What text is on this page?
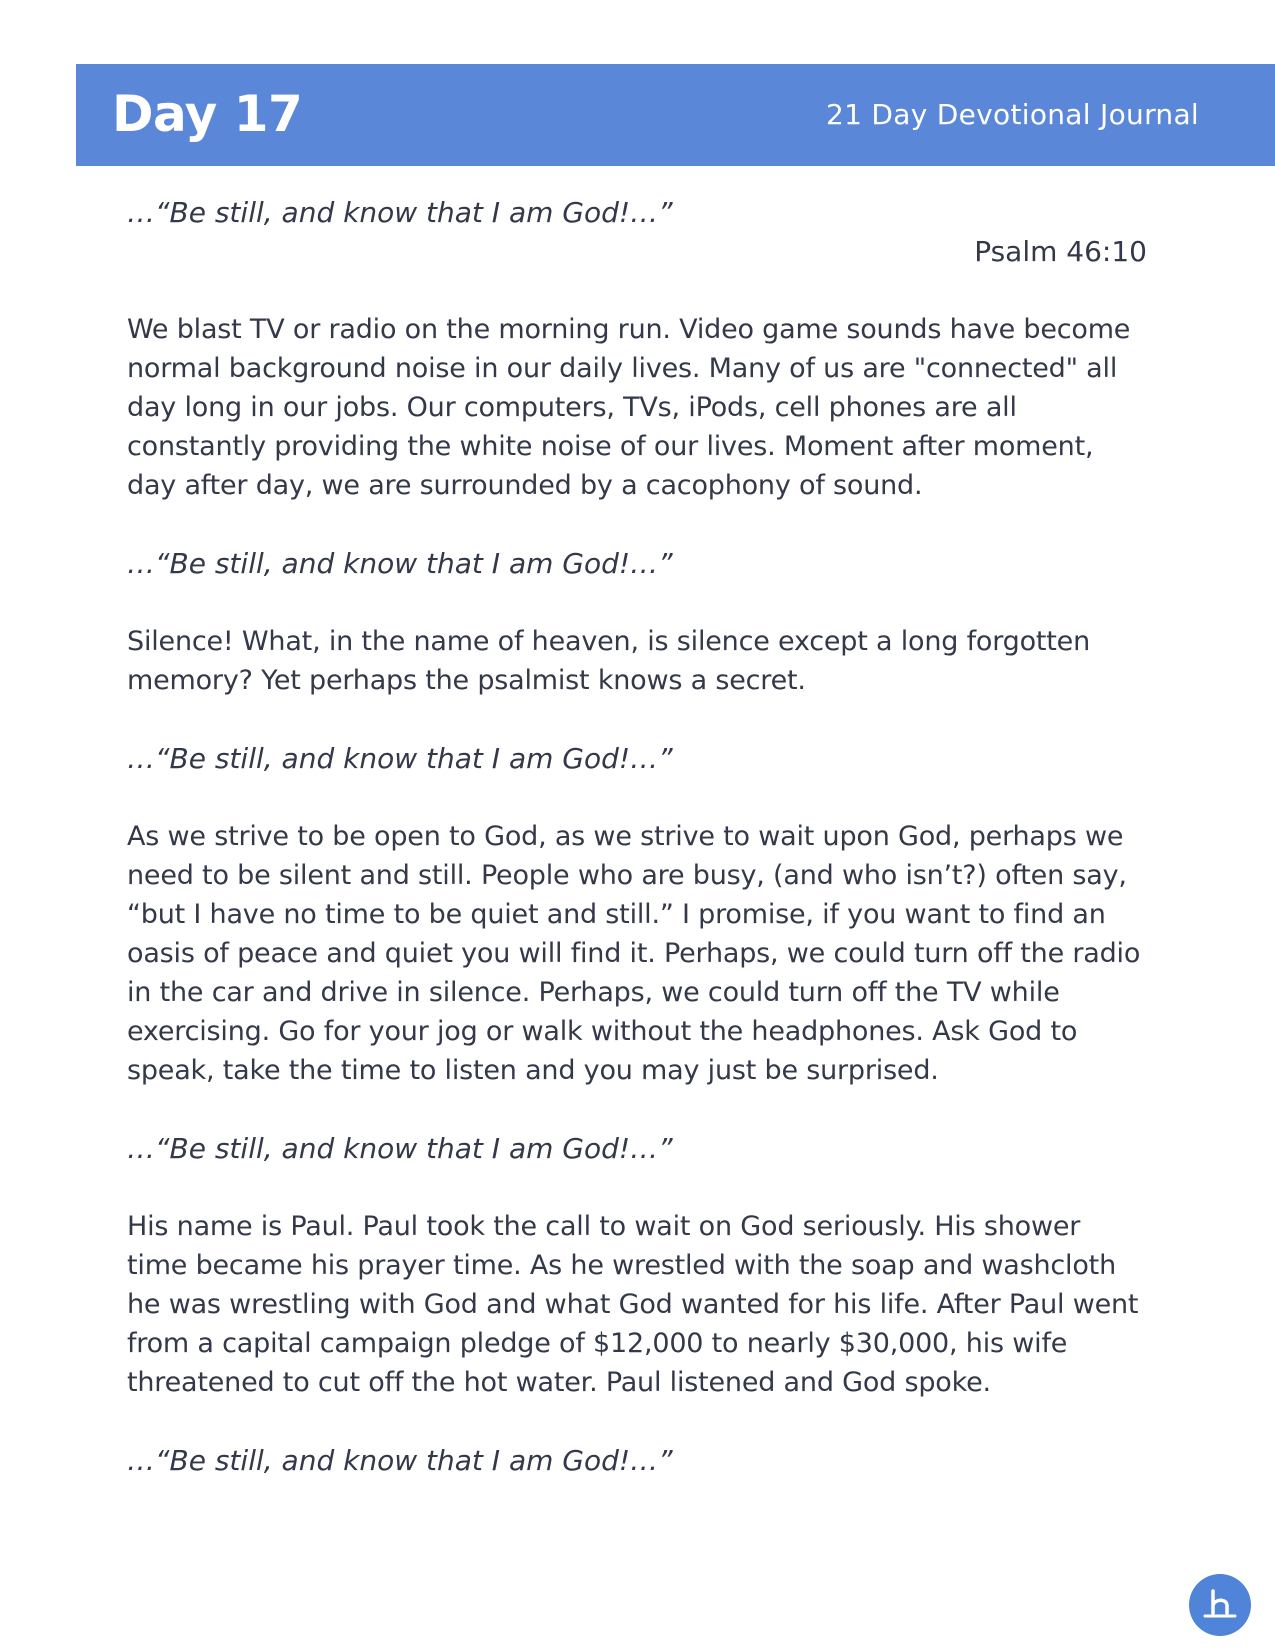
Day 17	21 Day Devotional Journal

…“Be still, and know that I am God!…”

Psalm 46:10

We blast TV or radio on the morning run. Video game sounds have become normal background noise in our daily lives. Many of us are "connected" all day long in our jobs. Our computers, TVs, iPods, cell phones are all constantly providing the white noise of our lives. Moment after moment, day after day, we are surrounded by a cacophony of sound.

…“Be still, and know that I am God!…”

Silence! What, in the name of heaven, is silence except a long forgotten memory? Yet perhaps the psalmist knows a secret.

…“Be still, and know that I am God!…”

As we strive to be open to God, as we strive to wait upon God, perhaps we need to be silent and still. People who are busy, (and who isn’t?) often say, “but I have no time to be quiet and still.” I promise, if you want to find an oasis of peace and quiet you will find it. Perhaps, we could turn off the radio in the car and drive in silence. Perhaps, we could turn off the TV while exercising. Go for your jog or walk without the headphones. Ask God to speak, take the time to listen and you may just be surprised.

…“Be still, and know that I am God!…”

His name is Paul. Paul took the call to wait on God seriously. His shower time became his prayer time. As he wrestled with the soap and washcloth he was wrestling with God and what God wanted for his life. After Paul went from a capital campaign pledge of $12,000 to nearly $30,000, his wife threatened to cut off the hot water. Paul listened and God spoke.

…“Be still, and know that I am God!…”
